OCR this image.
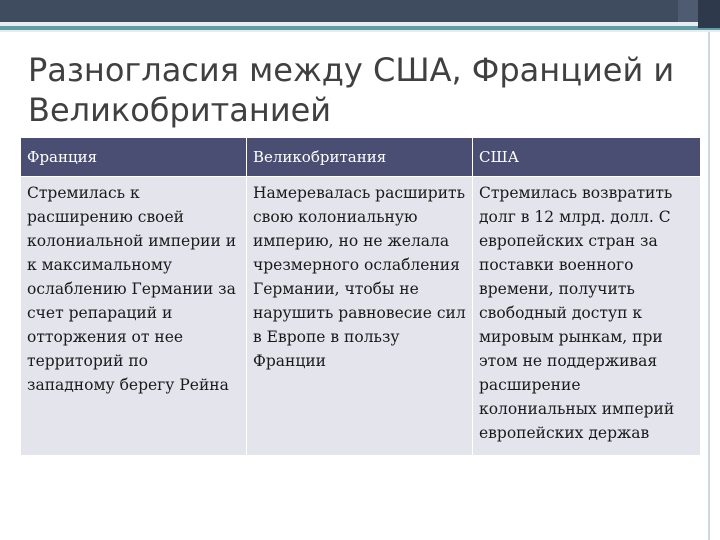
Разногласия между США, Францией и Великобританией
Франция	Великобритания	США
Стремилась к расширению своей колониальной империи и к максимальному ослаблению Германии за счет репараций и отторжения от нее территорий по западному берегу Рейна	Намеревалась расширить свою колониальную империю, но не желала чрезмерного ослабления Германии, чтобы не нарушить равновесие сил в Европе в пользу Франции	Стремилась возвратить долг в 12 млрд. долл. С европейских стран за поставки военного времени, получить свободный доступ к мировым рынкам, при этом не поддерживая расширение колониальных империй европейских держав
